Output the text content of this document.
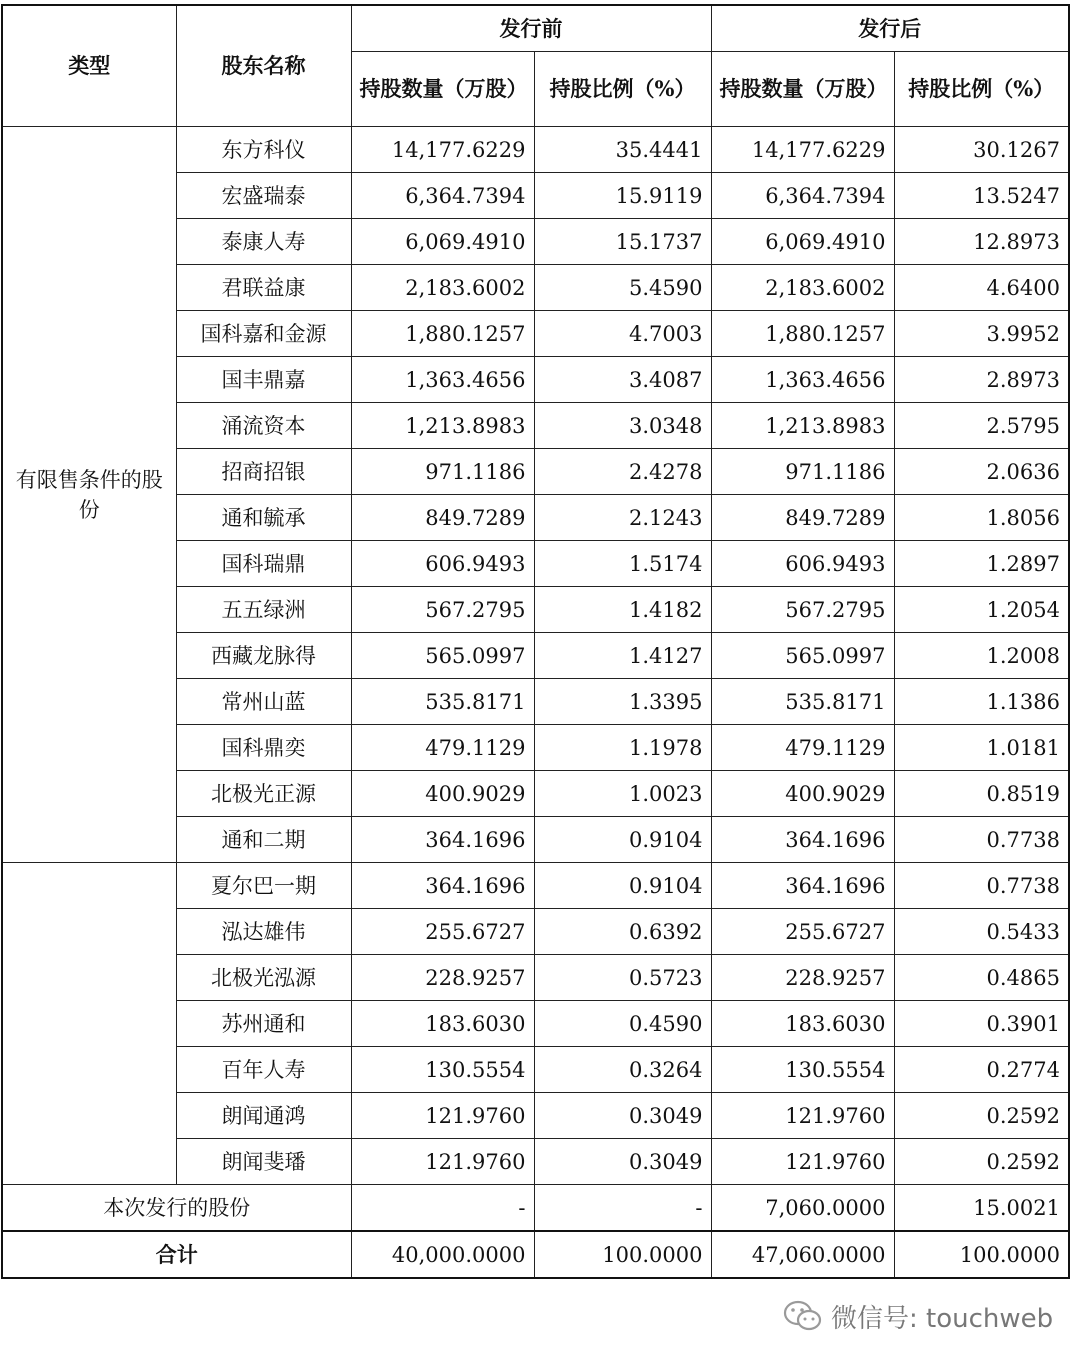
类型	股东名称	发行前		发行后	
		持股数量（万股）	持股比例（%）	持股数量（万股）	持股比例（%）
有限售条件的股份	东方科仪	14,177.6229	35.4441	14,177.6229	30.1267
	宏盛瑞泰	6,364.7394	15.9119	6,364.7394	13.5247
	泰康人寿	6,069.4910	15.1737	6,069.4910	12.8973
	君联益康	2,183.6002	5.4590	2,183.6002	4.6400
	国科嘉和金源	1,880.1257	4.7003	1,880.1257	3.9952
	国丰鼎嘉	1,363.4656	3.4087	1,363.4656	2.8973
	涌流资本	1,213.8983	3.0348	1,213.8983	2.5795
	招商招银	971.1186	2.4278	971.1186	2.0636
	通和毓承	849.7289	2.1243	849.7289	1.8056
	国科瑞鼎	606.9493	1.5174	606.9493	1.2897
	五五绿洲	567.2795	1.4182	567.2795	1.2054
	西藏龙脉得	565.0997	1.4127	565.0997	1.2008
	常州山蓝	535.8171	1.3395	535.8171	1.1386
	国科鼎奕	479.1129	1.1978	479.1129	1.0181
	北极光正源	400.9029	1.0023	400.9029	0.8519
	通和二期	364.1696	0.9104	364.1696	0.7738
	夏尔巴一期	364.1696	0.9104	364.1696	0.7738
	泓达雄伟	255.6727	0.6392	255.6727	0.5433
	北极光泓源	228.9257	0.5723	228.9257	0.4865
	苏州通和	183.6030	0.4590	183.6030	0.3901
	百年人寿	130.5554	0.3264	130.5554	0.2774
	朗闻通鸿	121.9760	0.3049	121.9760	0.2592
	朗闻斐璠	121.9760	0.3049	121.9760	0.2592
本次发行的股份		-	-	7,060.0000	15.0021
合计		40,000.0000	100.0000	47,060.0000	100.0000
微信号: touchweb
